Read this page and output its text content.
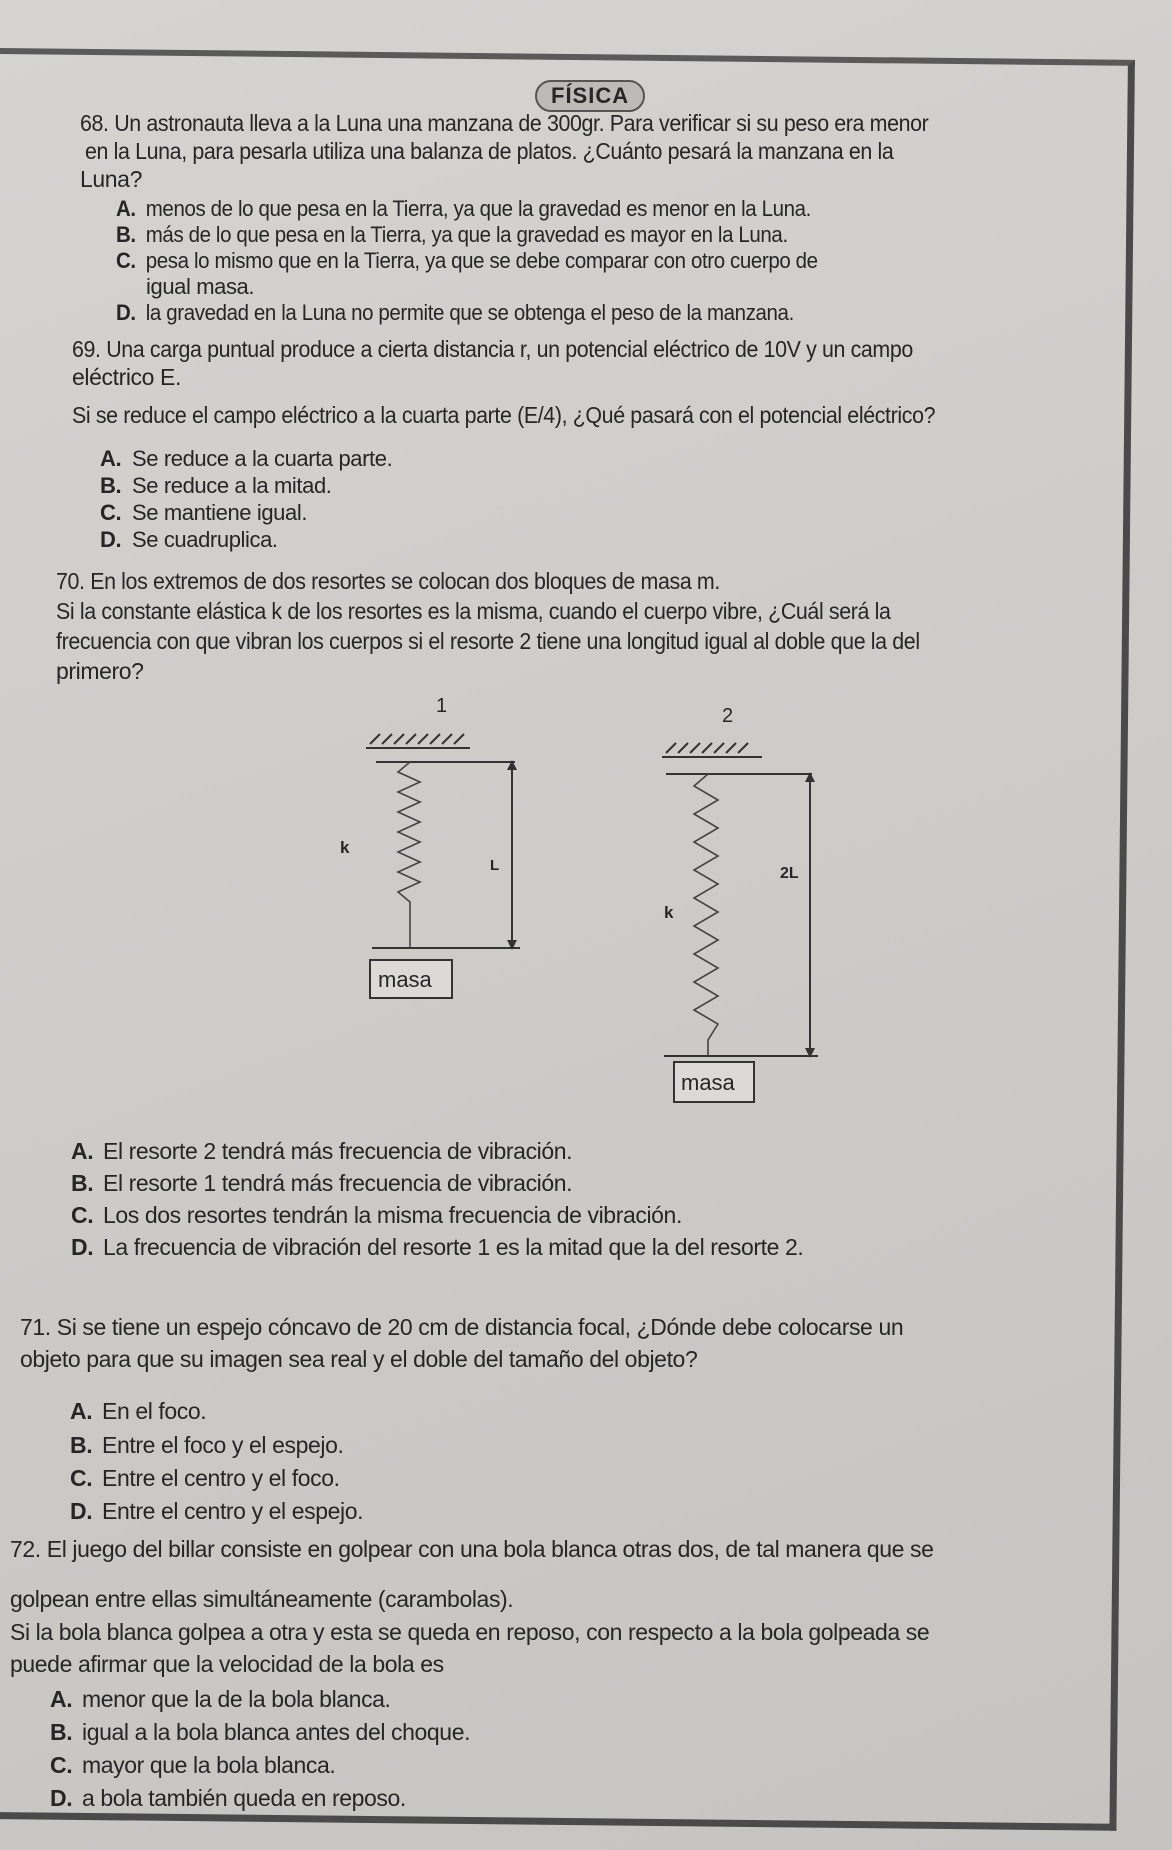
FÍSICA
68. Un astronauta lleva a la Luna una manzana de 300gr. Para verificar si su peso era menor
en la Luna, para pesarla utiliza una balanza de platos. ¿Cuánto pesará la manzana en la
Luna?
A. menos de lo que pesa en la Tierra, ya que la gravedad es menor en la Luna.
B. más de lo que pesa en la Tierra, ya que la gravedad es mayor en la Luna.
C. pesa lo mismo que en la Tierra, ya que se debe comparar con otro cuerpo de
igual masa.
D. la gravedad en la Luna no permite que se obtenga el peso de la manzana.
69. Una carga puntual produce a cierta distancia r, un potencial eléctrico de 10V y un campo
eléctrico E.
Si se reduce el campo eléctrico a la cuarta parte (E/4), ¿Qué pasará con el potencial eléctrico?
A. Se reduce a la cuarta parte.
B. Se reduce a la mitad.
C. Se mantiene igual.
D. Se cuadruplica.
70. En los extremos de dos resortes se colocan dos bloques de masa m.
Si la constante elástica k de los resortes es la misma, cuando el cuerpo vibre, ¿Cuál será la
frecuencia con que vibran los cuerpos si el resorte 2 tiene una longitud igual al doble que la del
primero?
1
k
L
masa
2
k
2L
masa
A. El resorte 2 tendrá más frecuencia de vibración.
B. El resorte 1 tendrá más frecuencia de vibración.
C. Los dos resortes tendrán la misma frecuencia de vibración.
D. La frecuencia de vibración del resorte 1 es la mitad que la del resorte 2.
71. Si se tiene un espejo cóncavo de 20 cm de distancia focal, ¿Dónde debe colocarse un
objeto para que su imagen sea real y el doble del tamaño del objeto?
A. En el foco.
B. Entre el foco y el espejo.
C. Entre el centro y el foco.
D. Entre el centro y el espejo.
72. El juego del billar consiste en golpear con una bola blanca otras dos, de tal manera que se
golpean entre ellas simultáneamente (carambolas).
Si la bola blanca golpea a otra y esta se queda en reposo, con respecto a la bola golpeada se
puede afirmar que la velocidad de la bola es
A. menor que la de la bola blanca.
B. igual a la bola blanca antes del choque.
C. mayor que la bola blanca.
D. a bola también queda en reposo.
